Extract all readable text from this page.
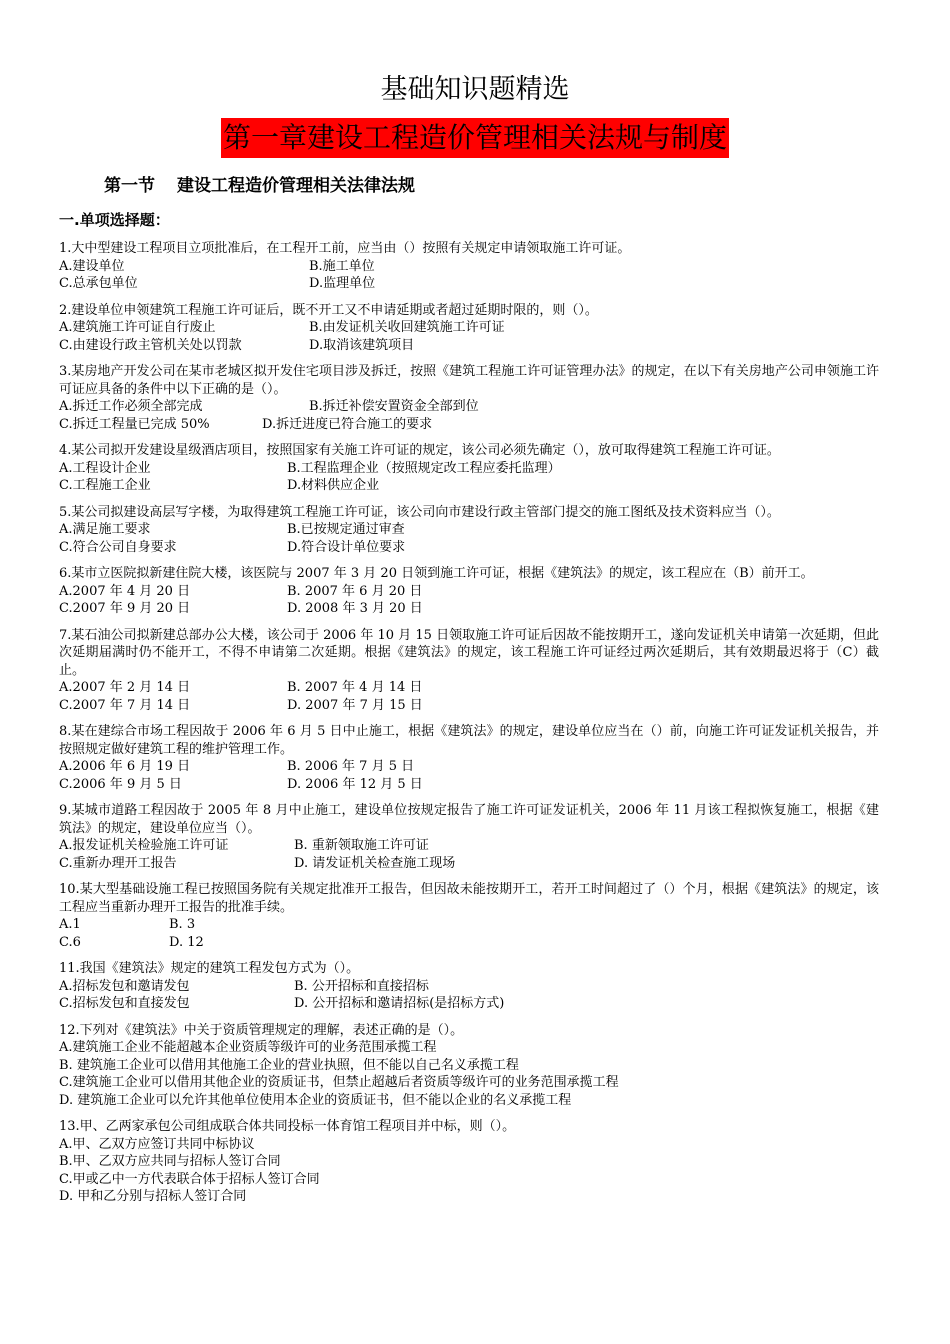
基础知识题精选
第一章建设工程造价管理相关法规与制度
第一节 建设工程造价管理相关法律法规
一.单项选择题：
1.大中型建设工程项目立项批准后，在工程开工前，应当由（）按照有关规定申请领取施工许可证。
A.建设单位	B.施工单位
C.总承包单位	D.监理单位
2.建设单位申领建筑工程施工许可证后，既不开工又不申请延期或者超过延期时限的，则（）。
A.建筑施工许可证自行废止	B.由发证机关收回建筑施工许可证
C.由建设行政主管机关处以罚款	D.取消该建筑项目
3.某房地产开发公司在某市老城区拟开发住宅项目涉及拆迁，按照《建筑工程施工许可证管理办法》的规定，在以下有关房地产公司申领施工许可证应具备的条件中以下正确的是（）。
A.拆迁工作必须全部完成	B.拆迁补偿安置资金全部到位
C.拆迁工程量已完成 50%	D.拆迁进度已符合施工的要求
4.某公司拟开发建设星级酒店项目，按照国家有关施工许可证的规定，该公司必须先确定（），放可取得建筑工程施工许可证。
A.工程设计企业	B.工程监理企业（按照规定改工程应委托监理）
C.工程施工企业	D.材料供应企业
5.某公司拟建设高层写字楼，为取得建筑工程施工许可证，该公司向市建设行政主管部门提交的施工图纸及技术资料应当（）。
A.满足施工要求	B.已按规定通过审查
C.符合公司自身要求	D.符合设计单位要求
6.某市立医院拟新建住院大楼，该医院与 2007 年 3 月 20 日领到施工许可证，根据《建筑法》的规定，该工程应在（B）前开工。
A.2007 年 4 月 20 日	B. 2007 年 6 月 20 日
C.2007 年 9 月 20 日	D. 2008 年 3 月 20 日
7.某石油公司拟新建总部办公大楼，该公司于 2006 年 10 月 15 日领取施工许可证后因故不能按期开工，遂向发证机关申请第一次延期，但此次延期届满时仍不能开工，不得不申请第二次延期。根据《建筑法》的规定，该工程施工许可证经过两次延期后，其有效期最迟将于（C）截止。
A.2007 年 2 月 14 日	B. 2007 年 4 月 14 日
C.2007 年 7 月 14 日	D. 2007 年 7 月 15 日
8.某在建综合市场工程因故于 2006 年 6 月 5 日中止施工，根据《建筑法》的规定，建设单位应当在（）前，向施工许可证发证机关报告，并按照规定做好建筑工程的维护管理工作。
A.2006 年 6 月 19 日	B. 2006 年 7 月 5 日
C.2006 年 9 月 5 日	D. 2006 年 12 月 5 日
9.某城市道路工程因故于 2005 年 8 月中止施工，建设单位按规定报告了施工许可证发证机关，2006 年 11 月该工程拟恢复施工，根据《建筑法》的规定，建设单位应当（）。
A.报发证机关检验施工许可证	B. 重新领取施工许可证
C.重新办理开工报告	D. 请发证机关检查施工现场
10.某大型基础设施工程已按照国务院有关规定批准开工报告，但因故未能按期开工，若开工时间超过了（）个月，根据《建筑法》的规定，该工程应当重新办理开工报告的批准手续。
A.1	B. 3
C.6	D. 12
11.我国《建筑法》规定的建筑工程发包方式为（）。
A.招标发包和邀请发包	B. 公开招标和直接招标
C.招标发包和直接发包	D. 公开招标和邀请招标(是招标方式)
12.下列对《建筑法》中关于资质管理规定的理解，表述正确的是（）。
A.建筑施工企业不能超越本企业资质等级许可的业务范围承揽工程
B. 建筑施工企业可以借用其他施工企业的营业执照，但不能以自己名义承揽工程
C.建筑施工企业可以借用其他企业的资质证书，但禁止超越后者资质等级许可的业务范围承揽工程
D. 建筑施工企业可以允许其他单位使用本企业的资质证书，但不能以企业的名义承揽工程
13.甲、乙两家承包公司组成联合体共同投标一体育馆工程项目并中标，则（）。
A.甲、乙双方应签订共同中标协议
B.甲、乙双方应共同与招标人签订合同
C.甲或乙中一方代表联合体于招标人签订合同
D. 甲和乙分别与招标人签订合同
